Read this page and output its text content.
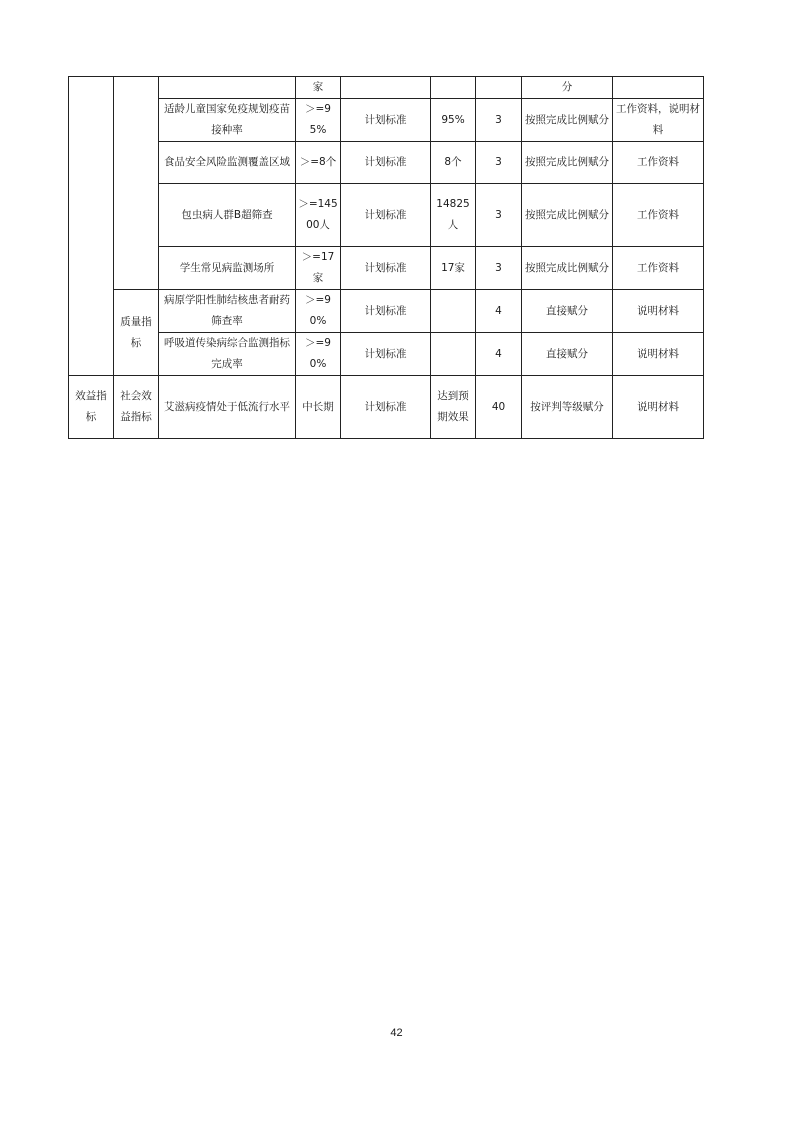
			家				分	
		适龄儿童国家免疫规划疫苗接种率	＞=95%	计划标准	95%	3	按照完成比例赋分	工作资料，说明材料
		食品安全风险监测覆盖区域	＞=8个	计划标准	8个	3	按照完成比例赋分	工作资料
		包虫病人群B超筛查	＞=14500人	计划标准	14825人	3	按照完成比例赋分	工作资料
		学生常见病监测场所	＞=17家	计划标准	17家	3	按照完成比例赋分	工作资料
	质量指标	病原学阳性肺结核患者耐药筛查率	＞=90%	计划标准		4	直接赋分	说明材料
		呼吸道传染病综合监测指标完成率	＞=90%	计划标准		4	直接赋分	说明材料
效益指标	社会效益指标	艾滋病疫情处于低流行水平	中长期	计划标准	达到预期效果	40	按评判等级赋分	说明材料
42
